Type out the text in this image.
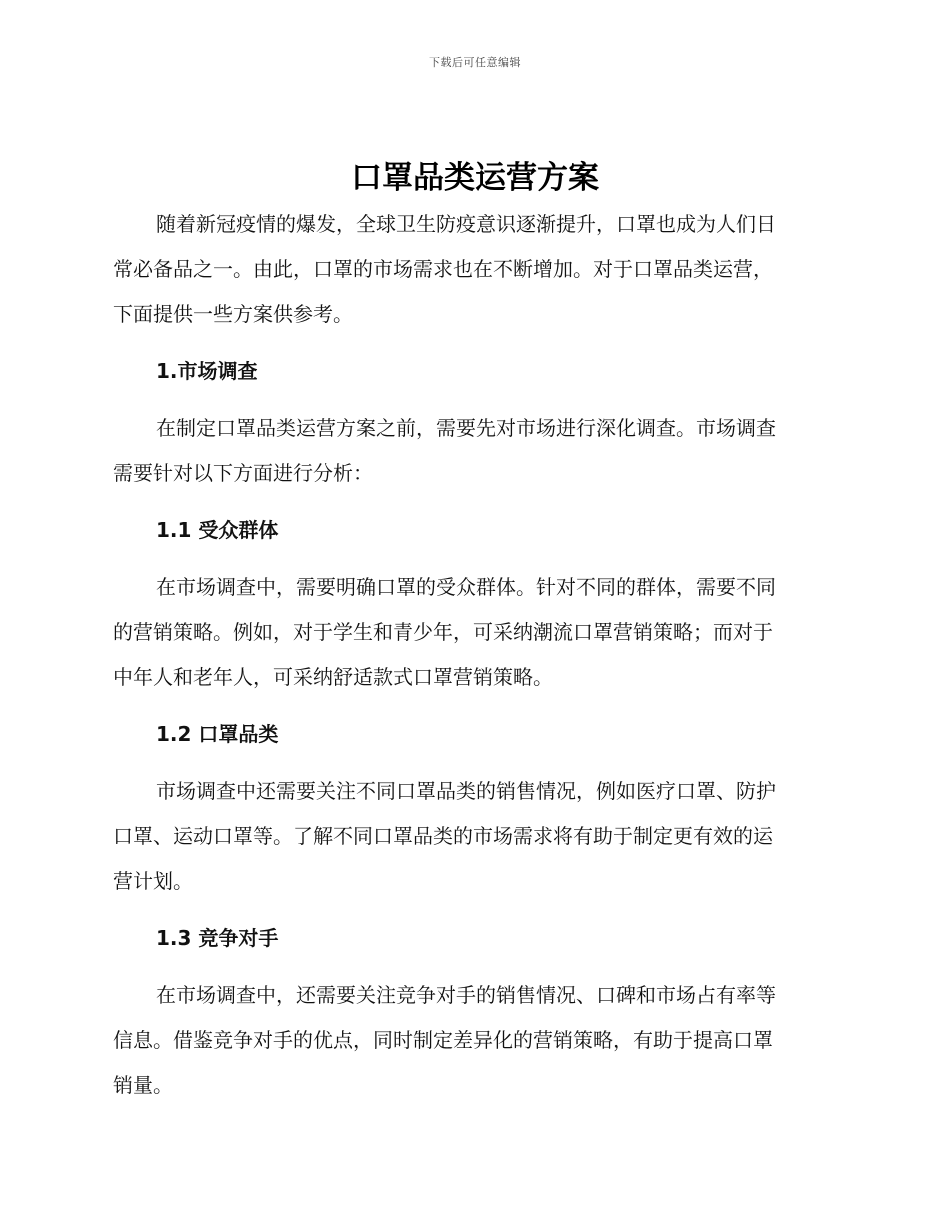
下载后可任意编辑
口罩品类运营方案

随着新冠疫情的爆发，全球卫生防疫意识逐渐提升，口罩也成为人们日
常必备品之一。由此，口罩的市场需求也在不断增加。对于口罩品类运营，
下面提供一些方案供参考。

1.市场调查

在制定口罩品类运营方案之前，需要先对市场进行深化调查。市场调查
需要针对以下方面进行分析：

1.1 受众群体

在市场调查中，需要明确口罩的受众群体。针对不同的群体，需要不同
的营销策略。例如，对于学生和青少年，可采纳潮流口罩营销策略；而对于
中年人和老年人，可采纳舒适款式口罩营销策略。

1.2 口罩品类

市场调查中还需要关注不同口罩品类的销售情况，例如医疗口罩、防护
口罩、运动口罩等。了解不同口罩品类的市场需求将有助于制定更有效的运
营计划。

1.3 竞争对手

在市场调查中，还需要关注竞争对手的销售情况、口碑和市场占有率等
信息。借鉴竞争对手的优点，同时制定差异化的营销策略，有助于提高口罩
销量。
